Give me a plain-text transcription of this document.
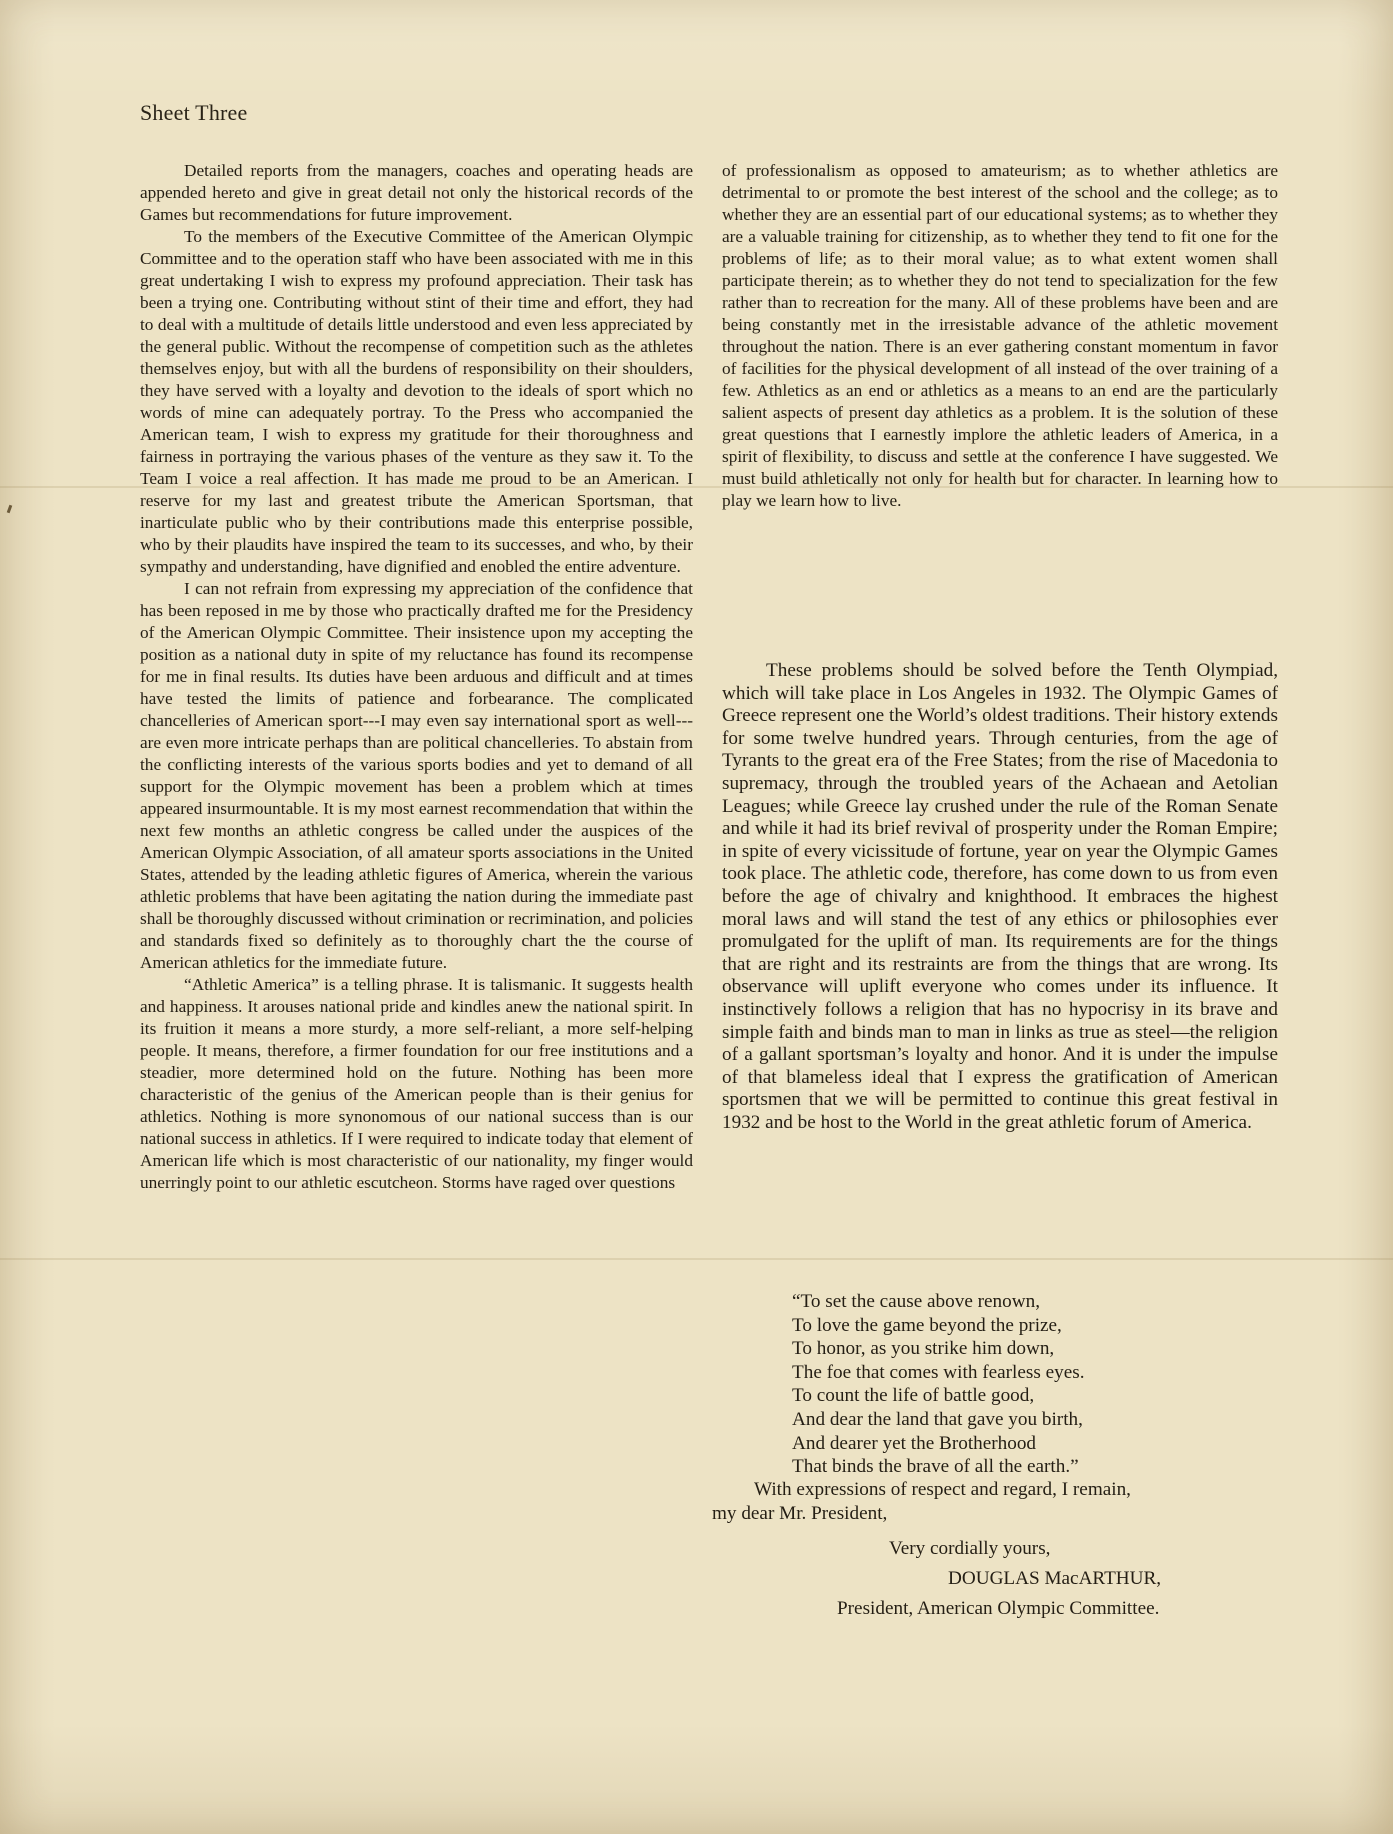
Sheet Three

Detailed reports from the managers, coaches and operating heads are appended hereto and give in great detail not only the historical records of the Games but recommendations for future improvement.

To the members of the Executive Committee of the American Olympic Committee and to the operation staff who have been associated with me in this great undertaking I wish to express my profound appreciation. Their task has been a trying one. Contributing without stint of their time and effort, they had to deal with a multitude of details little understood and even less appreciated by the general public. Without the recompense of competition such as the athletes themselves enjoy, but with all the burdens of responsibility on their shoulders, they have served with a loyalty and devotion to the ideals of sport which no words of mine can adequately portray. To the Press who accompanied the American team, I wish to express my gratitude for their thoroughness and fairness in portraying the various phases of the venture as they saw it. To the Team I voice a real affection. It has made me proud to be an American. I reserve for my last and greatest tribute the American Sportsman, that inarticulate public who by their contributions made this enterprise possible, who by their plaudits have inspired the team to its successes, and who, by their sympathy and understanding, have dignified and enobled the entire adventure.

I can not refrain from expressing my appreciation of the confidence that has been reposed in me by those who practically drafted me for the Presidency of the American Olympic Committee. Their insistence upon my accepting the position as a national duty in spite of my reluctance has found its recompense for me in final results. Its duties have been arduous and difficult and at times have tested the limits of patience and forbearance. The complicated chancelleries of American sport---I may even say international sport as well---are even more intricate perhaps than are political chancelleries. To abstain from the conflicting interests of the various sports bodies and yet to demand of all support for the Olympic movement has been a problem which at times appeared insurmountable. It is my most earnest recommendation that within the next few months an athletic congress be called under the auspices of the American Olympic Association, of all amateur sports associations in the United States, attended by the leading athletic figures of America, wherein the various athletic problems that have been agitating the nation during the immediate past shall be thoroughly discussed without crimination or recrimination, and policies and standards fixed so definitely as to thoroughly chart the the course of American athletics for the immediate future.

“Athletic America” is a telling phrase. It is talismanic. It suggests health and happiness. It arouses national pride and kindles anew the national spirit. In its fruition it means a more sturdy, a more self-reliant, a more self-helping people. It means, therefore, a firmer foundation for our free institutions and a steadier, more determined hold on the future. Nothing has been more characteristic of the genius of the American people than is their genius for athletics. Nothing is more synonomous of our national success than is our national success in athletics. If I were required to indicate today that element of American life which is most characteristic of our nationality, my finger would unerringly point to our athletic escutcheon. Storms have raged over questions

of professionalism as opposed to amateurism; as to whether athletics are detrimental to or promote the best interest of the school and the college; as to whether they are an essential part of our educational systems; as to whether they are a valuable training for citizenship, as to whether they tend to fit one for the problems of life; as to their moral value; as to what extent women shall participate therein; as to whether they do not tend to specialization for the few rather than to recreation for the many. All of these problems have been and are being constantly met in the irresistable advance of the athletic movement throughout the nation. There is an ever gathering constant momentum in favor of facilities for the physical development of all instead of the over training of a few. Athletics as an end or athletics as a means to an end are the particularly salient aspects of present day athletics as a problem. It is the solution of these great questions that I earnestly implore the athletic leaders of America, in a spirit of flexibility, to discuss and settle at the conference I have suggested. We must build athletically not only for health but for character. In learning how to play we learn how to live.

These problems should be solved before the Tenth Olympiad, which will take place in Los Angeles in 1932. The Olympic Games of Greece represent one the World’s oldest traditions. Their history extends for some twelve hundred years. Through centuries, from the age of Tyrants to the great era of the Free States; from the rise of Macedonia to supremacy, through the troubled years of the Achaean and Aetolian Leagues; while Greece lay crushed under the rule of the Roman Senate and while it had its brief revival of prosperity under the Roman Empire; in spite of every vicissitude of fortune, year on year the Olympic Games took place. The athletic code, therefore, has come down to us from even before the age of chivalry and knighthood. It embraces the highest moral laws and will stand the test of any ethics or philosophies ever promulgated for the uplift of man. Its requirements are for the things that are right and its restraints are from the things that are wrong. Its observance will uplift everyone who comes under its influence. It instinctively follows a religion that has no hypocrisy in its brave and simple faith and binds man to man in links as true as steel—the religion of a gallant sportsman’s loyalty and honor. And it is under the impulse of that blameless ideal that I express the gratification of American sportsmen that we will be permitted to continue this great festival in 1932 and be host to the World in the great athletic forum of America.

“To set the cause above renown,
To love the game beyond the prize,
To honor, as you strike him down,
The foe that comes with fearless eyes.
To count the life of battle good,
And dear the land that gave you birth,
And dearer yet the Brotherhood
That binds the brave of all the earth.”
With expressions of respect and regard, I remain,
my dear Mr. President,
Very cordially yours,
DOUGLAS MacARTHUR,
President, American Olympic Committee.
